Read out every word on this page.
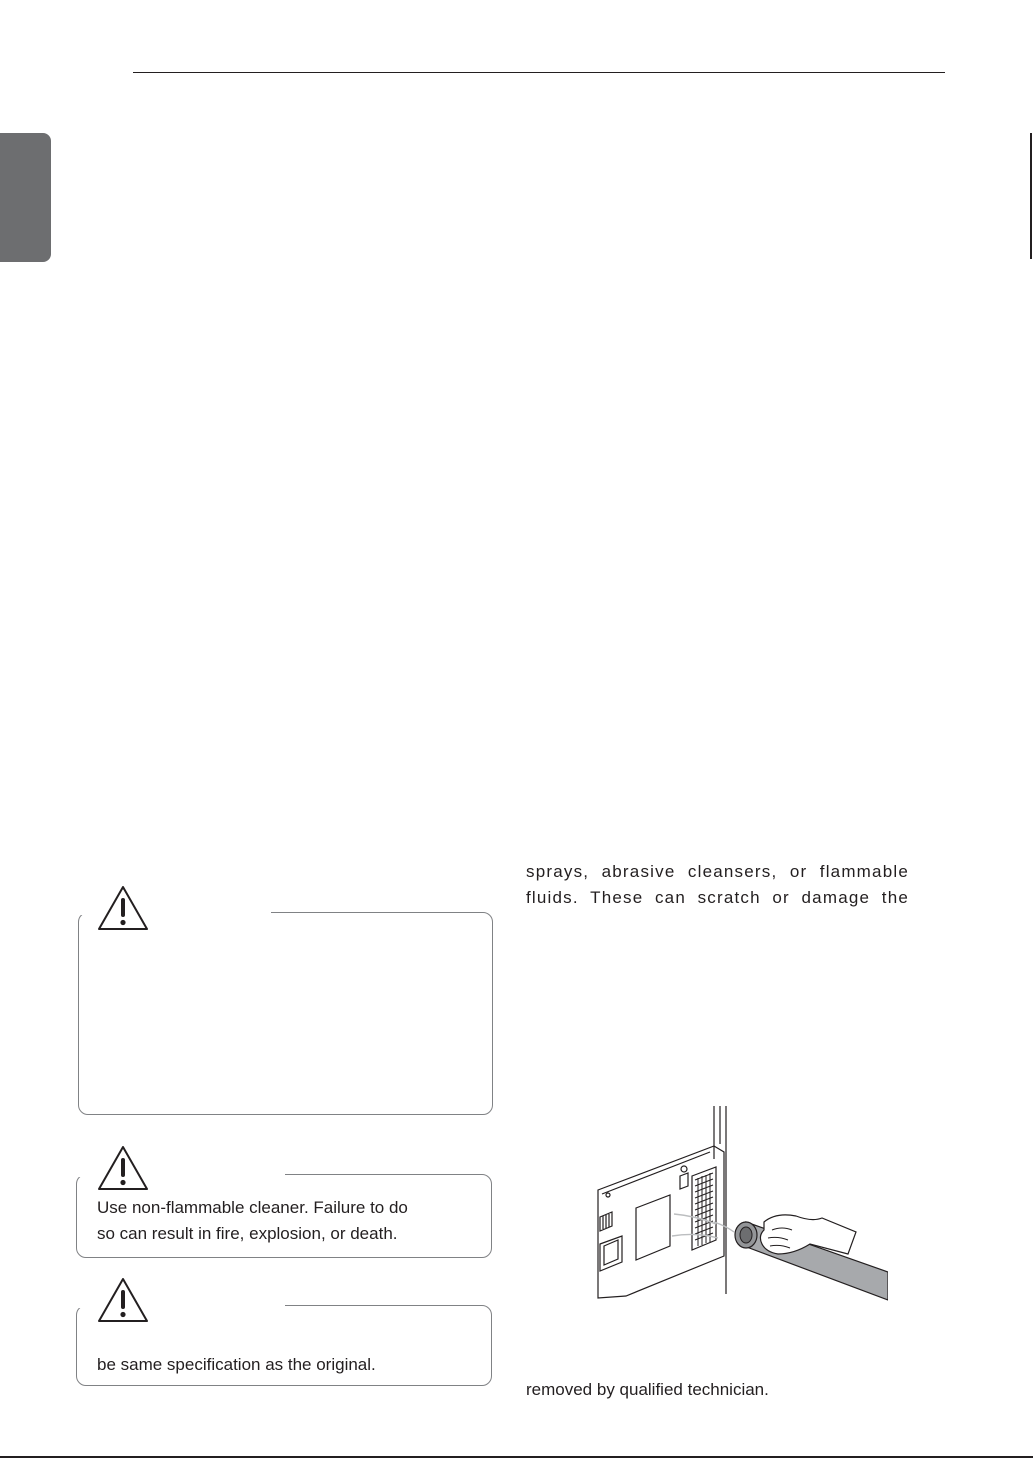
sprays, abrasive cleansers, or flammable
fluids. These can scratch or damage the
Use non-flammable cleaner. Failure to do
so can result in fire, explosion, or death.
be same specification as the original.
removed by qualified technician.
